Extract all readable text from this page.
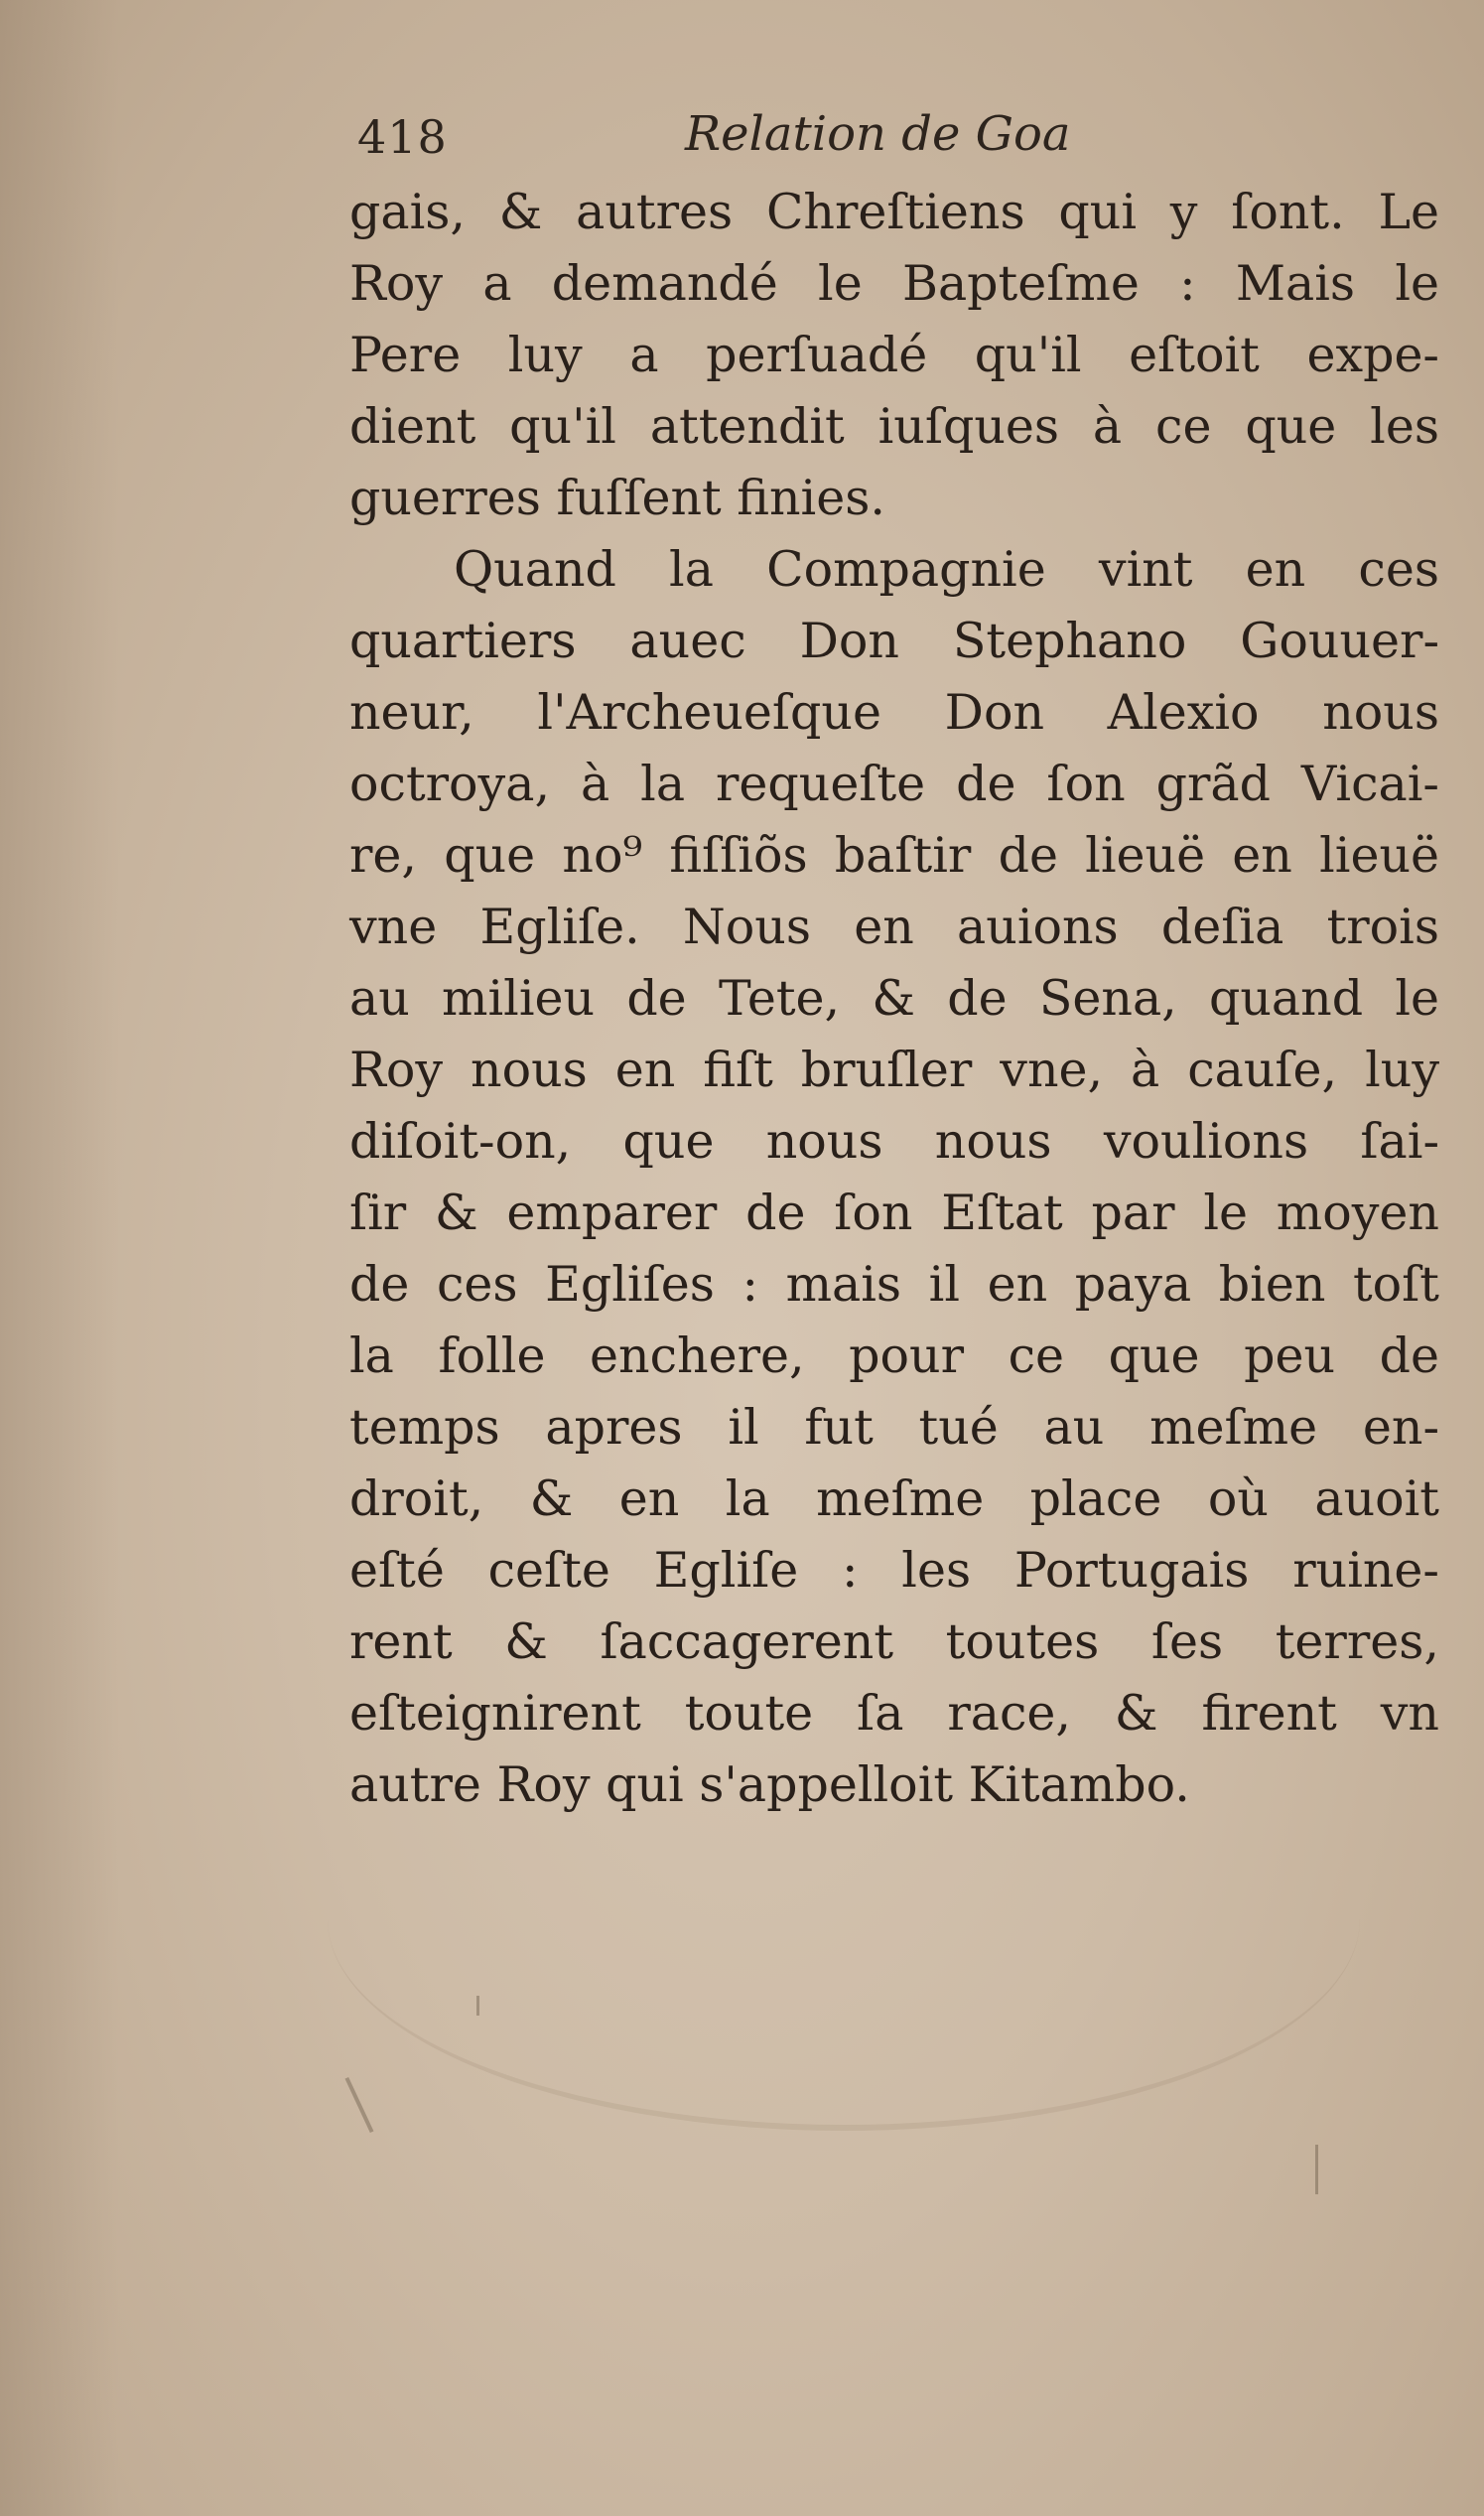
418	Relation de Goa
gais, & autres Chreſtiens qui y ſont. Le
Roy a demandé le Bapteſme : Mais le
Pere luy a perſuadé qu'il eſtoit expe-
dient qu'il attendit iuſques à ce que les
guerres fuſſent finies.
Quand la Compagnie vint en ces
quartiers auec Don Stephano Gouuer-
neur, l'Archeueſque Don Alexio nous
octroya, à la requeſte de ſon grãd Vicai-
re, que no⁹ fiſſiõs baſtir de lieuë en lieuë
vne Egliſe. Nous en auions deſia trois
au milieu de Tete, & de Sena, quand le
Roy nous en fiſt bruſler vne, à cauſe, luy
diſoit-on, que nous nous voulions ſai-
ſir & emparer de ſon Eſtat par le moyen
de ces Egliſes : mais il en paya bien toſt
la folle enchere, pour ce que peu de
temps apres il fut tué au meſme en-
droit, & en la meſme place où auoit
eſté ceſte Egliſe : les Portugais ruine-
rent & ſaccagerent toutes ſes terres,
eſteignirent toute ſa race, & firent vn
autre Roy qui s'appelloit Kitambo.
